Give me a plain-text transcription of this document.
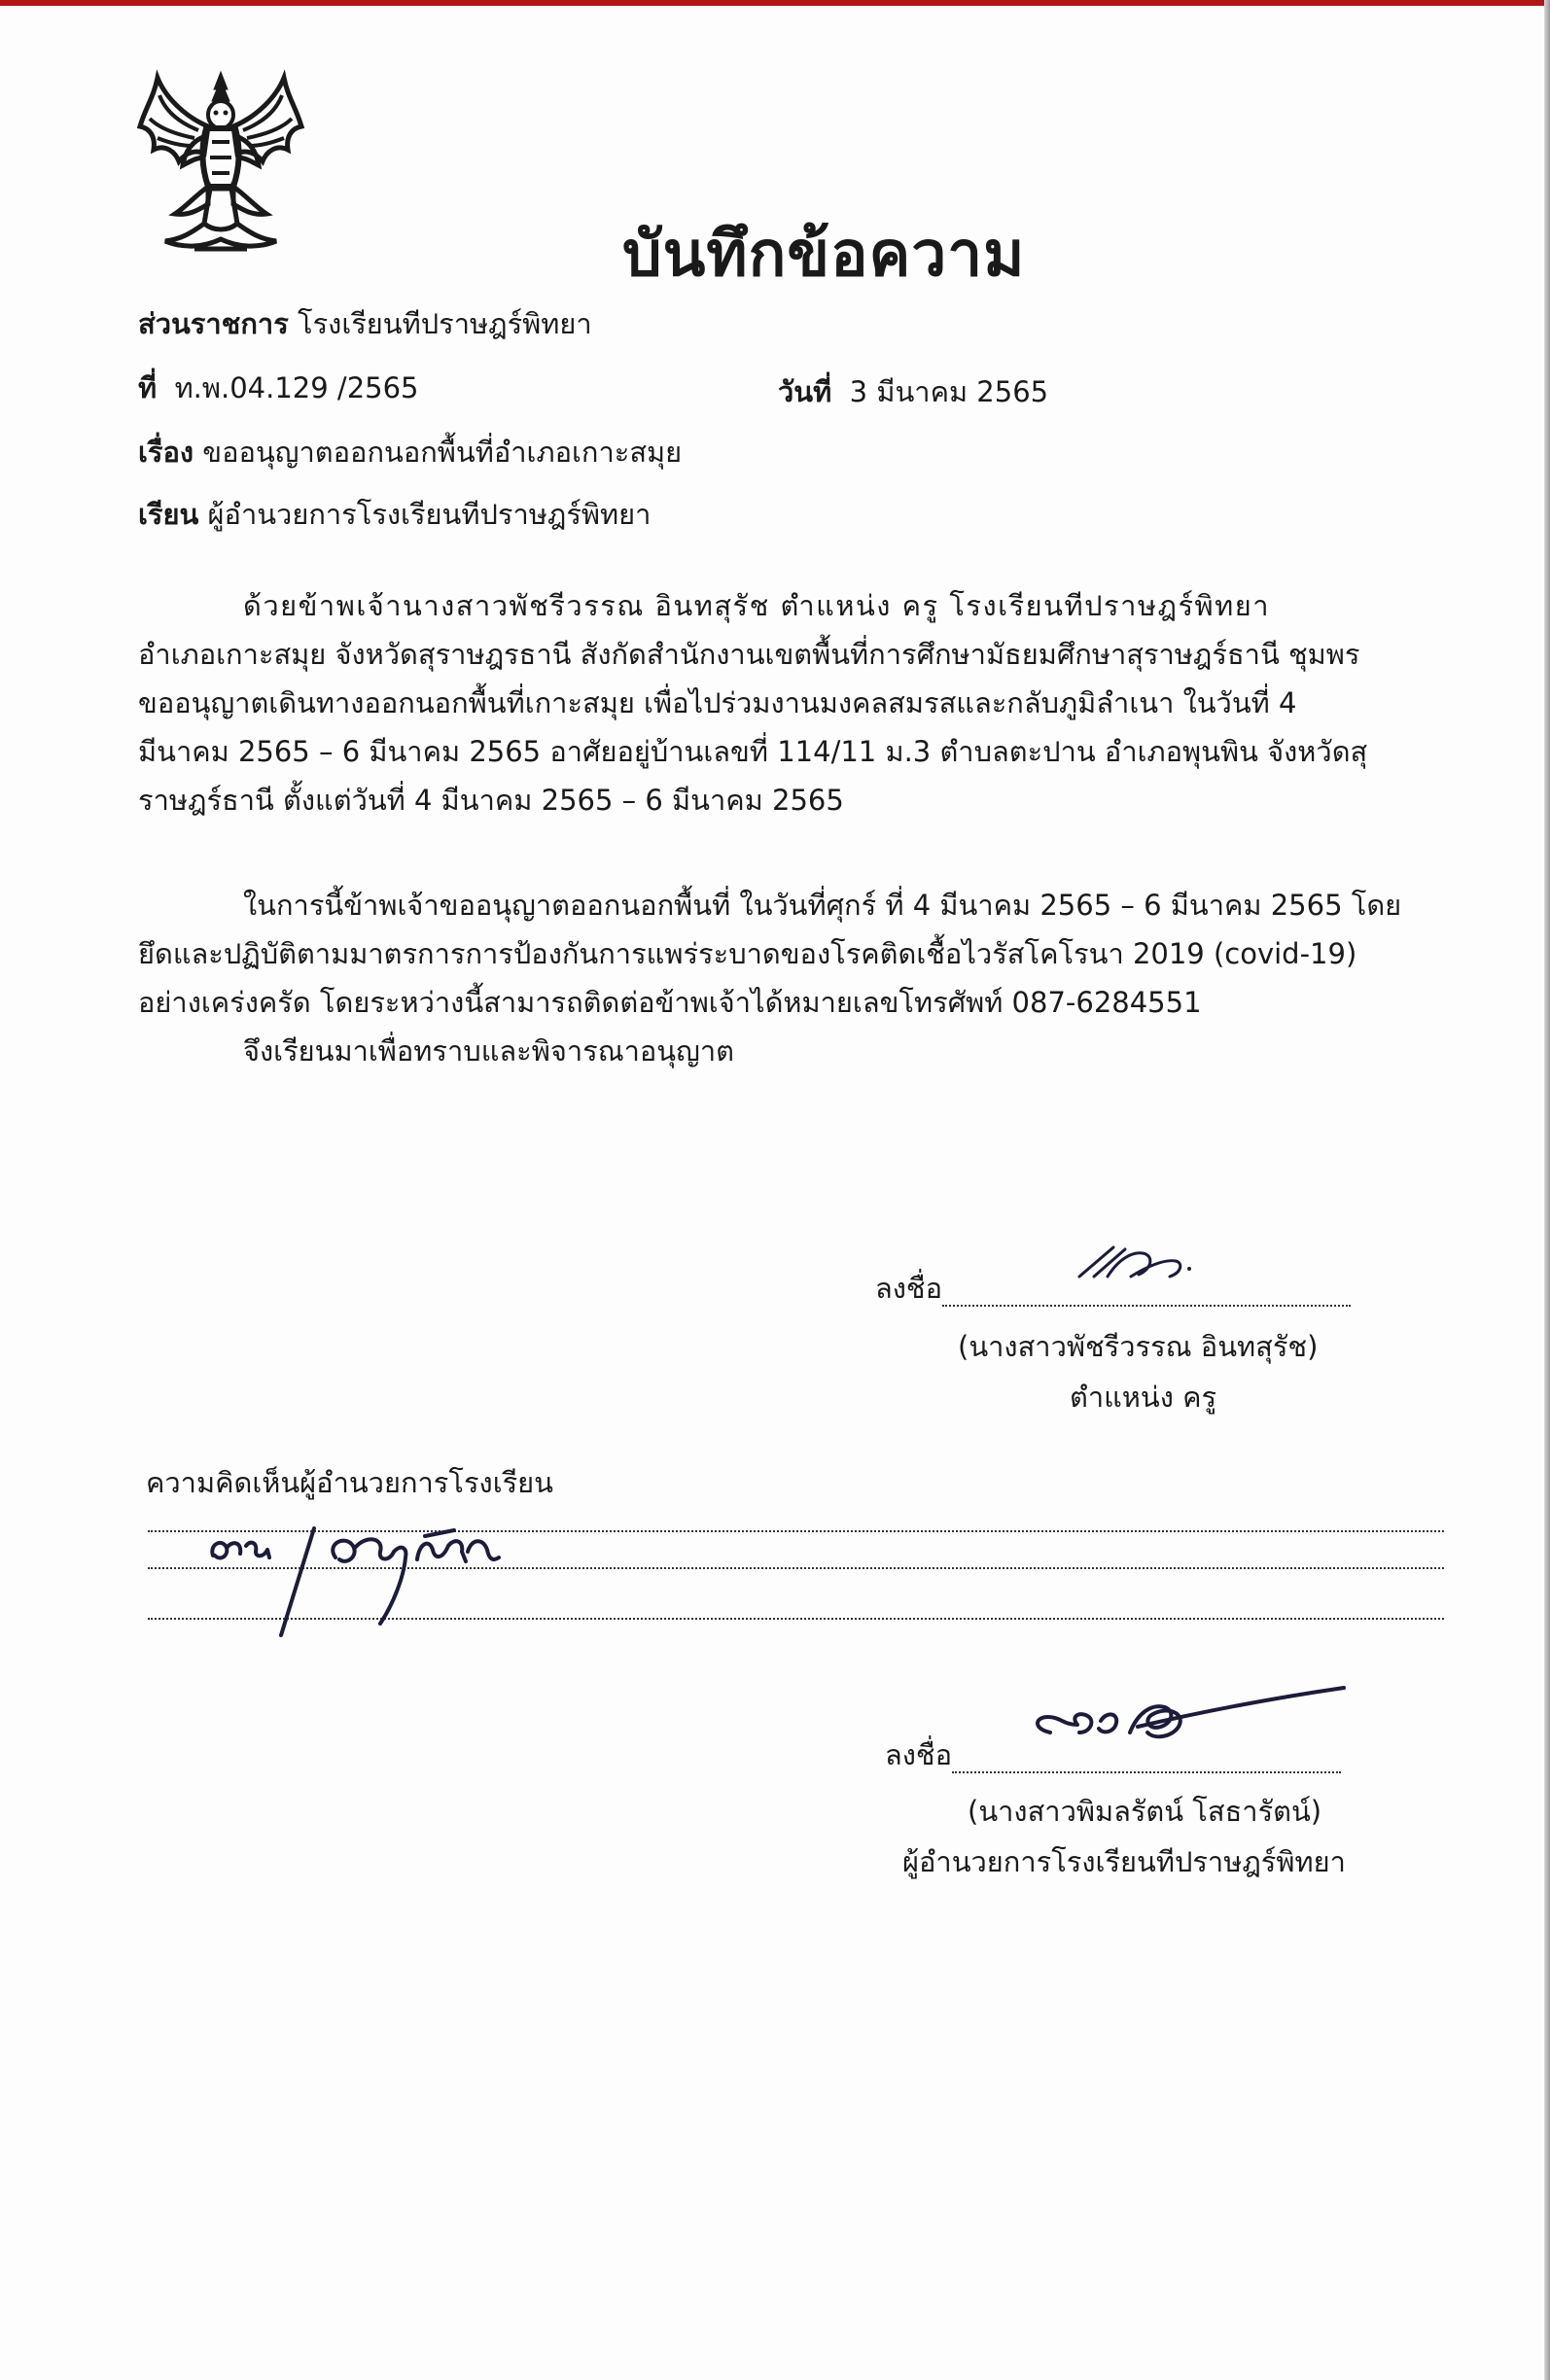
บันทึกข้อความ
ส่วนราชการ โรงเรียนทีปราษฎร์พิทยา
ที่ ท.พ.04.129 /2565	วันที่ 3 มีนาคม 2565
เรื่อง ขออนุญาตออกนอกพื้นที่อำเภอเกาะสมุย
เรียน ผู้อำนวยการโรงเรียนทีปราษฎร์พิทยา
ด้วยข้าพเจ้านางสาวพัชรีวรรณ อินทสุรัช ตำแหน่ง ครู โรงเรียนทีปราษฎร์พิทยา
อำเภอเกาะสมุย จังหวัดสุราษฎรธานี สังกัดสำนักงานเขตพื้นที่การศึกษามัธยมศึกษาสุราษฎร์ธานี ชุมพร
ขออนุญาตเดินทางออกนอกพื้นที่เกาะสมุย เพื่อไปร่วมงานมงคลสมรสและกลับภูมิลำเนา ในวันที่ 4
มีนาคม 2565 – 6 มีนาคม 2565 อาศัยอยู่บ้านเลขที่ 114/11 ม.3 ตำบลตะปาน อำเภอพุนพิน จังหวัดสุ
ราษฎร์ธานี ตั้งแต่วันที่ 4 มีนาคม 2565 – 6 มีนาคม 2565
ในการนี้ข้าพเจ้าขออนุญาตออกนอกพื้นที่ ในวันที่ศุกร์ ที่ 4 มีนาคม 2565 – 6 มีนาคม 2565 โดย
ยึดและปฏิบัติตามมาตรการการป้องกันการแพร่ระบาดของโรคติดเชื้อไวรัสโคโรนา 2019 (covid-19)
อย่างเคร่งครัด โดยระหว่างนี้สามารถติดต่อข้าพเจ้าได้หมายเลขโทรศัพท์ 087-6284551
จึงเรียนมาเพื่อทราบและพิจารณาอนุญาต
ลงชื่อ
(นางสาวพัชรีวรรณ อินทสุรัช)
ตำแหน่ง ครู
ความคิดเห็นผู้อำนวยการโรงเรียน
ลงชื่อ
(นางสาวพิมลรัตน์ โสธารัตน์)
ผู้อำนวยการโรงเรียนทีปราษฎร์พิทยา
